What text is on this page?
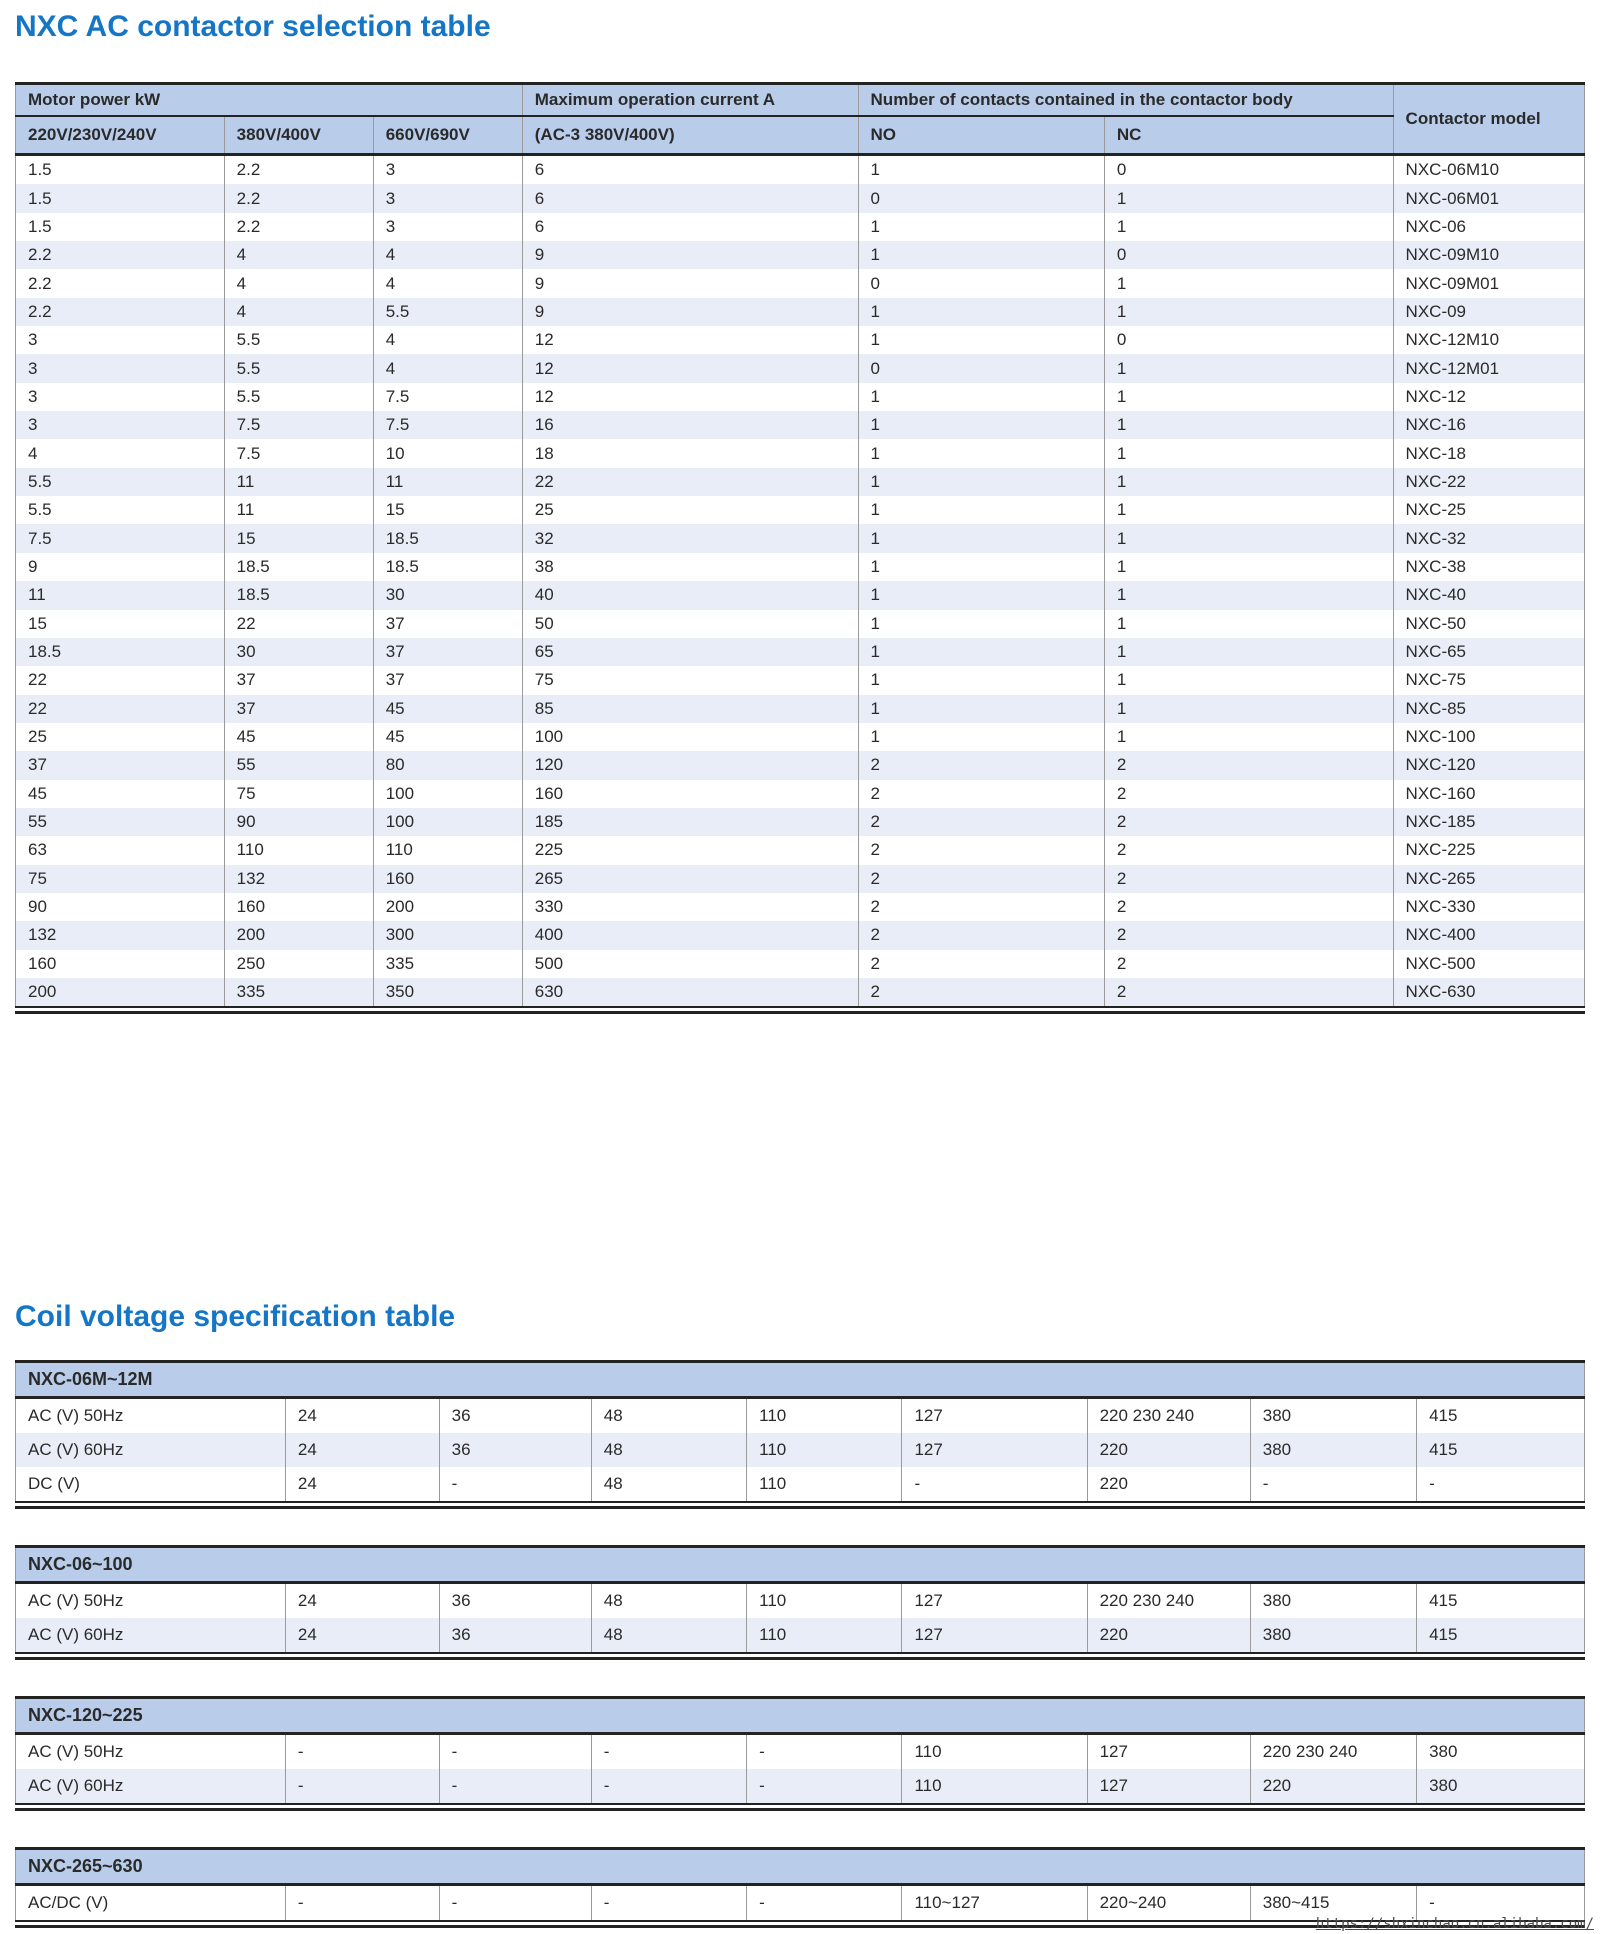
NXC AC contactor selection table
Motor power kW			Maximum operation current A	Number of contacts contained in the contactor body		Contactor model
220V/230V/240V	380V/400V	660V/690V	(AC-3 380V/400V)	NO	NC	
1.5	2.2	3	6	1	0	NXC-06M10
1.5	2.2	3	6	0	1	NXC-06M01
1.5	2.2	3	6	1	1	NXC-06
2.2	4	4	9	1	0	NXC-09M10
2.2	4	4	9	0	1	NXC-09M01
2.2	4	5.5	9	1	1	NXC-09
3	5.5	4	12	1	0	NXC-12M10
3	5.5	4	12	0	1	NXC-12M01
3	5.5	7.5	12	1	1	NXC-12
3	7.5	7.5	16	1	1	NXC-16
4	7.5	10	18	1	1	NXC-18
5.5	11	11	22	1	1	NXC-22
5.5	11	15	25	1	1	NXC-25
7.5	15	18.5	32	1	1	NXC-32
9	18.5	18.5	38	1	1	NXC-38
11	18.5	30	40	1	1	NXC-40
15	22	37	50	1	1	NXC-50
18.5	30	37	65	1	1	NXC-65
22	37	37	75	1	1	NXC-75
22	37	45	85	1	1	NXC-85
25	45	45	100	1	1	NXC-100
37	55	80	120	2	2	NXC-120
45	75	100	160	2	2	NXC-160
55	90	100	185	2	2	NXC-185
63	110	110	225	2	2	NXC-225
75	132	160	265	2	2	NXC-265
90	160	200	330	2	2	NXC-330
132	200	300	400	2	2	NXC-400
160	250	335	500	2	2	NXC-500
200	335	350	630	2	2	NXC-630
Coil voltage specification table
NXC-06M~12M								
AC (V) 50Hz	24	36	48	110	127	220 230 240	380	415
AC (V) 60Hz	24	36	48	110	127	220	380	415
DC (V)	24	-	48	110	-	220	-	-
NXC-06~100								
AC (V) 50Hz	24	36	48	110	127	220 230 240	380	415
AC (V) 60Hz	24	36	48	110	127	220	380	415
NXC-120~225								
AC (V) 50Hz	-	-	-	-	110	127	220 230 240	380
AC (V) 60Hz	-	-	-	-	110	127	220	380
NXC-265~630
AC/DC (V)	-	-	-	-	110~127	220~240	380~415	-
https://shxinchao.cn.alibaba.com/
